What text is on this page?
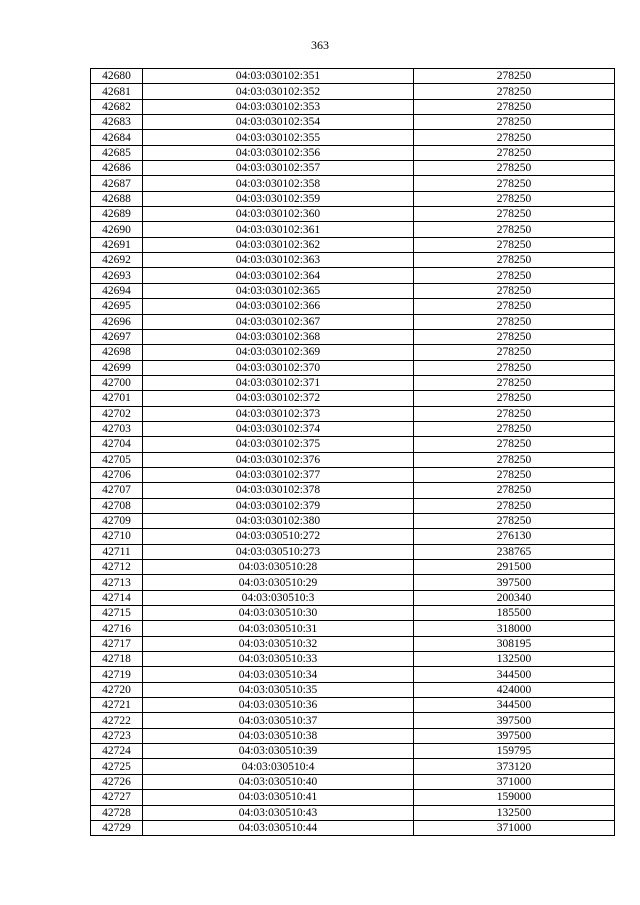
363
42680	04:03:030102:351	278250
42681	04:03:030102:352	278250
42682	04:03:030102:353	278250
42683	04:03:030102:354	278250
42684	04:03:030102:355	278250
42685	04:03:030102:356	278250
42686	04:03:030102:357	278250
42687	04:03:030102:358	278250
42688	04:03:030102:359	278250
42689	04:03:030102:360	278250
42690	04:03:030102:361	278250
42691	04:03:030102:362	278250
42692	04:03:030102:363	278250
42693	04:03:030102:364	278250
42694	04:03:030102:365	278250
42695	04:03:030102:366	278250
42696	04:03:030102:367	278250
42697	04:03:030102:368	278250
42698	04:03:030102:369	278250
42699	04:03:030102:370	278250
42700	04:03:030102:371	278250
42701	04:03:030102:372	278250
42702	04:03:030102:373	278250
42703	04:03:030102:374	278250
42704	04:03:030102:375	278250
42705	04:03:030102:376	278250
42706	04:03:030102:377	278250
42707	04:03:030102:378	278250
42708	04:03:030102:379	278250
42709	04:03:030102:380	278250
42710	04:03:030510:272	276130
42711	04:03:030510:273	238765
42712	04:03:030510:28	291500
42713	04:03:030510:29	397500
42714	04:03:030510:3	200340
42715	04:03:030510:30	185500
42716	04:03:030510:31	318000
42717	04:03:030510:32	308195
42718	04:03:030510:33	132500
42719	04:03:030510:34	344500
42720	04:03:030510:35	424000
42721	04:03:030510:36	344500
42722	04:03:030510:37	397500
42723	04:03:030510:38	397500
42724	04:03:030510:39	159795
42725	04:03:030510:4	373120
42726	04:03:030510:40	371000
42727	04:03:030510:41	159000
42728	04:03:030510:43	132500
42729	04:03:030510:44	371000
